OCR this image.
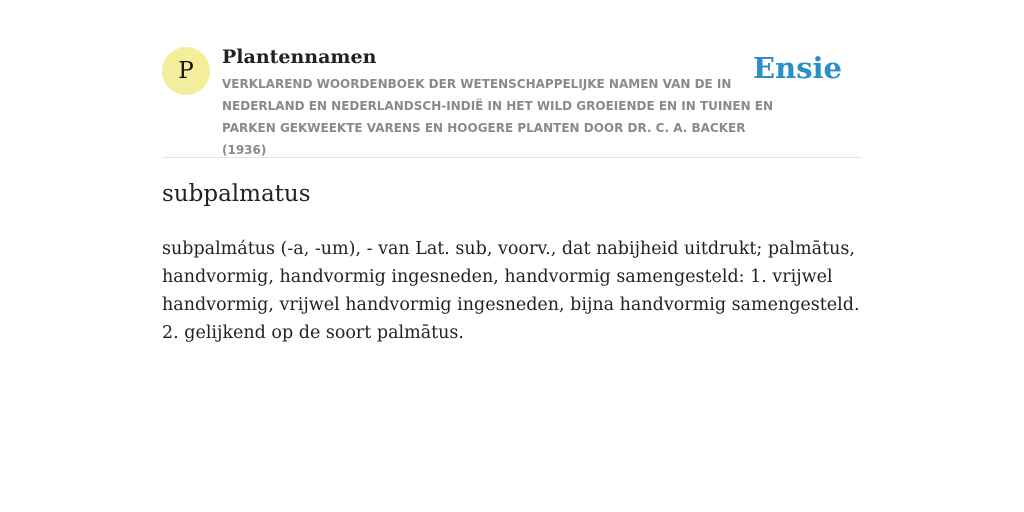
P
Plantennamen

VERKLAREND WOORDENBOEK DER WETENSCHAPPELIJKE NAMEN VAN DE IN NEDERLAND EN NEDERLANDSCH-INDIË IN HET WILD GROEIENDE EN IN TUINEN EN PARKEN GEKWEEKTE VARENS EN HOOGERE PLANTEN DOOR DR. C. A. BACKER (1936)

Ensie
subpalmatus

subpalmátus (-a, -um), - van Lat. sub, voorv., dat nabijheid uitdrukt; palmātus, handvormig, handvormig ingesneden, handvormig samengesteld: 1. vrijwel handvormig, vrijwel handvormig ingesneden, bijna handvormig samengesteld. 2. gelijkend op de soort palmātus.
